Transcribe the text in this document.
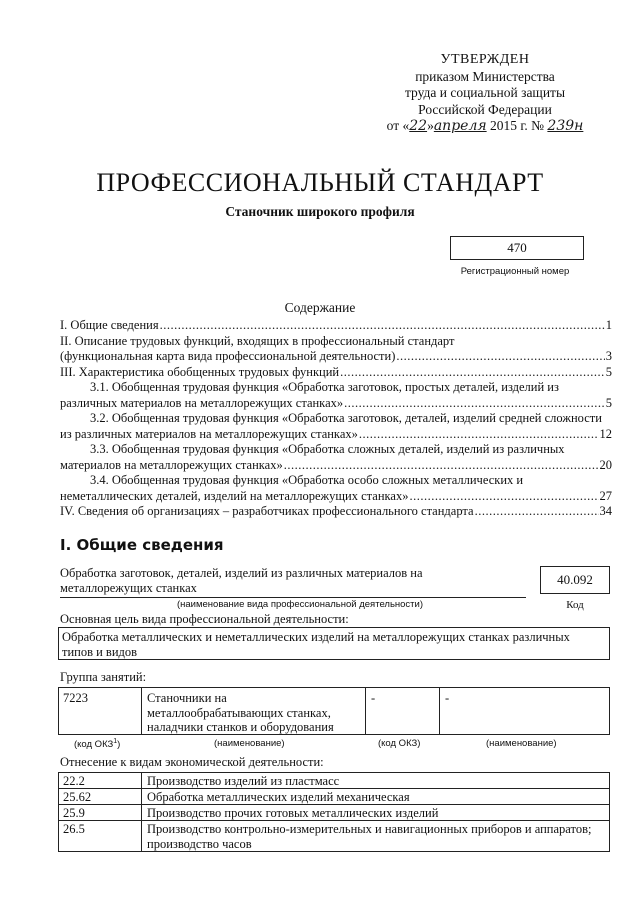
УТВЕРЖДЕН
приказом Министерства
труда и социальной защиты
Российской Федерации
от «22»апреля 2015 г. № 239н
ПРОФЕССИОНАЛЬНЫЙ СТАНДАРТ
Станочник широкого профиля
470
Регистрационный номер
Содержание
I. Общие сведения .....	1
II. Описание трудовых функций, входящих в профессиональный стандарт
(функциональная карта вида профессиональной деятельности) .....	3
III. Характеристика обобщенных трудовых функций .....	5
3.1. Обобщенная трудовая функция «Обработка заготовок, простых деталей, изделий из
различных материалов на металлорежущих станках» .....	5
3.2. Обобщенная трудовая функция «Обработка заготовок, деталей, изделий средней сложности
из различных материалов на металлорежущих станках» .....	12
3.3. Обобщенная трудовая функция «Обработка сложных деталей, изделий из различных
материалов на металлорежущих станках» .....	20
3.4. Обобщенная трудовая функция «Обработка особо сложных металлических и
неметаллических деталей, изделий на металлорежущих станках» .....	27
IV. Сведения об организациях – разработчиках профессионального стандарта .....	34
I. Общие сведения
Обработка заготовок, деталей, изделий из различных материалов на
металлорежущих станках
(наименование вида профессиональной деятельности)
40.092
Код
Основная цель вида профессиональной деятельности:
Обработка металлических и неметаллических изделий на металлорежущих станках различных
типов и видов
Группа занятий:
7223	Станочники на
металлообрабатывающих станках,
наладчики станков и оборудования
-	-
(код ОКЗ$^1$)	(наименование)	(код ОКЗ)	(наименование)
Отнесение к видам экономической деятельности:
22.2	Производство изделий из пластмасс
25.62	Обработка металлических изделий механическая
25.9	Производство прочих готовых металлических изделий
26.5	Производство контрольно-измерительных и навигационных приборов и аппаратов;
производство часов
